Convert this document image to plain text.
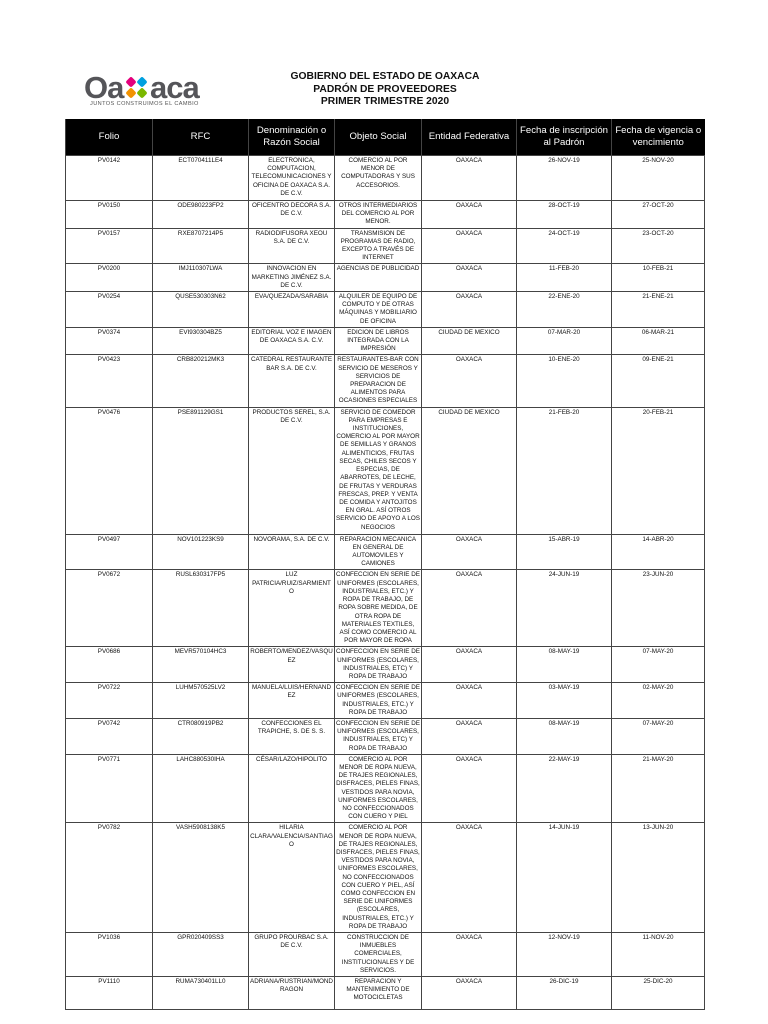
Oa aca
JUNTOS CONSTRUIMOS EL CAMBIO
GOBIERNO DEL ESTADO DE OAXACA
PADRÓN DE PROVEEDORES
PRIMER TRIMESTRE 2020
Folio	RFC	Denominación o Razón Social	Objeto Social	Entidad Federativa	Fecha de inscripción al Padrón	Fecha de vigencia o vencimiento
PV0142	ECT070411LE4	ELECTRONICA, COMPUTACION, TELECOMUNICACIONES Y OFICINA DE OAXACA S.A. DE C.V.	COMERCIO AL POR MENOR DE COMPUTADORAS Y SUS ACCESORIOS.	OAXACA	26-NOV-19	25-NOV-20
PV0150	ODE980223FP2	OFICENTRO DECORA S.A. DE C.V.	OTROS INTERMEDIARIOS DEL COMERCIO AL POR MENOR.	OAXACA	28-OCT-19	27-OCT-20
PV0157	RXE8707214P5	RADIODIFUSORA XEOU S.A. DE C.V.	TRANSMISION DE PROGRAMAS DE RADIO, EXCEPTO A TRAVÉS DE INTERNET	OAXACA	24-OCT-19	23-OCT-20
PV0200	IMJ110307LWA	INNOVACION EN MARKETING JIMÉNEZ S.A. DE C.V.	AGENCIAS DE PUBLICIDAD	OAXACA	11-FEB-20	10-FEB-21
PV0254	QUSE530303N62	EVA/QUEZADA/SARABIA	ALQUILER DE EQUIPO DE COMPUTO Y DE OTRAS MÁQUINAS Y MOBILIARIO DE OFICINA	OAXACA	22-ENE-20	21-ENE-21
PV0374	EVI930304BZ5	EDITORIAL VOZ E IMAGEN DE OAXACA S.A. C.V.	EDICION DE LIBROS INTEGRADA CON LA IMPRESIÓN	CIUDAD DE MEXICO	07-MAR-20	06-MAR-21
PV0423	CRB820212MK3	CATEDRAL RESTAURANTE BAR S.A. DE C.V.	RESTAURANTES-BAR CON SERVICIO DE MESEROS Y SERVICIOS DE PREPARACION DE ALIMENTOS PARA OCASIONES ESPECIALES	OAXACA	10-ENE-20	09-ENE-21
PV0476	PSE891129GS1	PRODUCTOS SEREL, S.A. DE C.V.	SERVICIO DE COMEDOR PARA EMPRESAS E INSTITUCIONES, COMERCIO AL POR MAYOR DE SEMILLAS Y GRANOS ALIMENTICIOS, FRUTAS SECAS, CHILES SECOS Y ESPECIAS, DE ABARROTES, DE LECHE, DE FRUTAS Y VERDURAS FRESCAS, PREP. Y VENTA DE COMIDA Y ANTOJITOS EN GRAL. ASÍ OTROS SERVICIO DE APOYO A LOS NEGOCIOS	CIUDAD DE MEXICO	21-FEB-20	20-FEB-21
PV0497	NOV101223KS9	NOVORAMA, S.A. DE C.V.	REPARACION MECANICA EN GENERAL DE AUTOMOVILES Y CAMIONES	OAXACA	15-ABR-19	14-ABR-20
PV0672	RUSL630317FP5	LUZ PATRICIA/RUIZ/SARMIENTO	CONFECCION EN SERIE DE UNIFORMES (ESCOLARES, INDUSTRIALES, ETC.) Y ROPA DE TRABAJO, DE ROPA SOBRE MEDIDA, DE OTRA ROPA DE MATERIALES TEXTILES, ASÍ COMO COMERCIO AL POR MAYOR DE ROPA	OAXACA	24-JUN-19	23-JUN-20
PV0686	MEVR570104HC3	ROBERTO/MENDEZ/VASQUEZ	CONFECCION EN SERIE DE UNIFORMES (ESCOLARES, INDUSTRIALES, ETC) Y ROPA DE TRABAJO	OAXACA	08-MAY-19	07-MAY-20
PV0722	LUHM570525LV2	MANUELA/LUIS/HERNANDEZ	CONFECCION EN SERIE DE UNIFORMES (ESCOLARES, INDUSTRIALES, ETC.) Y ROPA DE TRABAJO	OAXACA	03-MAY-19	02-MAY-20
PV0742	CTR080919PB2	CONFECCIONES EL TRAPICHE, S. DE S. S.	CONFECCION EN SERIE DE UNIFORMES (ESCOLARES, INDUSTRIALES, ETC) Y ROPA DE TRABAJO	OAXACA	08-MAY-19	07-MAY-20
PV0771	LAHC880530IHA	CÉSAR/LAZO/HIPOLITO	COMERCIO AL POR MENOR DE ROPA NUEVA, DE TRAJES REGIONALES, DISFRACES, PIELES FINAS, VESTIDOS PARA NOVIA, UNIFORMES ESCOLARES, NO CONFECCIONADOS CON CUERO Y PIEL	OAXACA	22-MAY-19	21-MAY-20
PV0782	VASH5908138K5	HILARIA CLARA/VALENCIA/SANTIAGO	COMERCIO AL POR MENOR DE ROPA NUEVA, DE TRAJES REGIONALES, DISFRACES, PIELES FINAS, VESTIDOS PARA NOVIA, UNIFORMES ESCOLARES, NO CONFECCIONADOS CON CUERO Y PIEL, ASÍ COMO CONFECCION EN SERIE DE UNIFORMES (ESCOLARES, INDUSTRIALES, ETC.) Y ROPA DE TRABAJO	OAXACA	14-JUN-19	13-JUN-20
PV1036	GPR020409SS3	GRUPO PROURBAC S.A. DE C.V.	CONSTRUCCION DE INMUEBLES COMERCIALES, INSTITUCIONALES Y DE SERVICIOS.	OAXACA	12-NOV-19	11-NOV-20
PV1110	RUMA730401LL0	ADRIANA/RUSTRIAN/MONDRAGON	REPARACION Y MANTENIMIENTO DE MOTOCICLETAS	OAXACA	26-DIC-19	25-DIC-20
